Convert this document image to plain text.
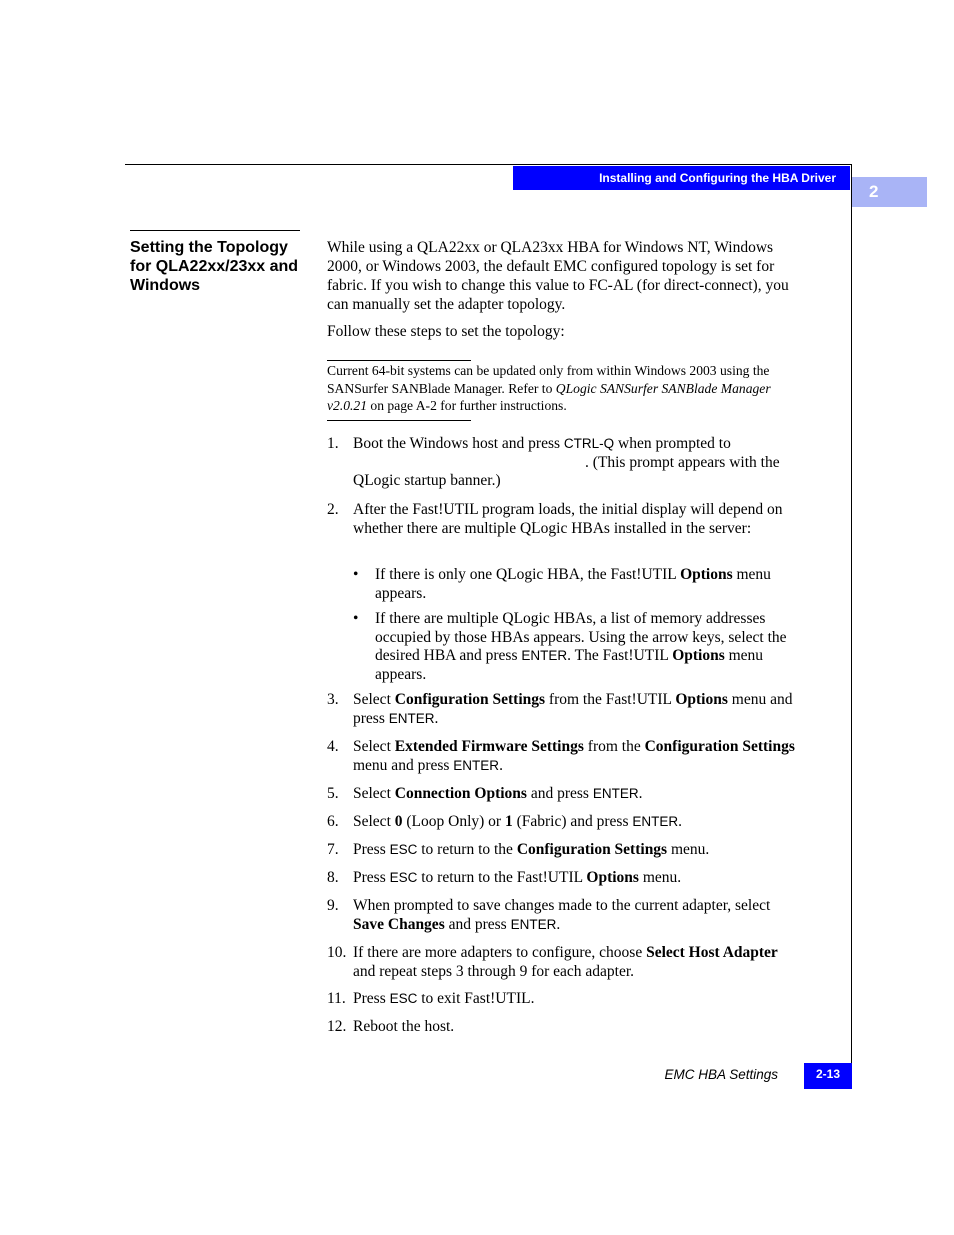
Installing and Configuring the HBA Driver
2
Setting the Topology for QLA22xx/23xx and Windows

While using a QLA22xx or QLA23xx HBA for Windows NT, Windows 2000, or Windows 2003, the default EMC configured topology is set for fabric. If you wish to change this value to FC-AL (for direct-connect), you can manually set the adapter topology.

Follow these steps to set the topology:

Current 64-bit systems can be updated only from within Windows 2003 using the SANSurfer SANBlade Manager. Refer to QLogic SANSurfer SANBlade Manager v2.0.21 on page A-2 for further instructions.

1. Boot the Windows host and press CTRL-Q when prompted to
. (This prompt appears with the QLogic startup banner.)
2. After the Fast!UTIL program loads, the initial display will depend on whether there are multiple QLogic HBAs installed in the server:
• If there is only one QLogic HBA, the Fast!UTIL Options menu appears.
• If there are multiple QLogic HBAs, a list of memory addresses occupied by those HBAs appears. Using the arrow keys, select the desired HBA and press ENTER. The Fast!UTIL Options menu appears.
3. Select Configuration Settings from the Fast!UTIL Options menu and press ENTER.
4. Select Extended Firmware Settings from the Configuration Settings menu and press ENTER.
5. Select Connection Options and press ENTER.
6. Select 0 (Loop Only) or 1 (Fabric) and press ENTER.
7. Press ESC to return to the Configuration Settings menu.
8. Press ESC to return to the Fast!UTIL Options menu.
9. When prompted to save changes made to the current adapter, select Save Changes and press ENTER.
10. If there are more adapters to configure, choose Select Host Adapter and repeat steps 3 through 9 for each adapter.
11. Press ESC to exit Fast!UTIL.
12. Reboot the host.
EMC HBA Settings	2-13
